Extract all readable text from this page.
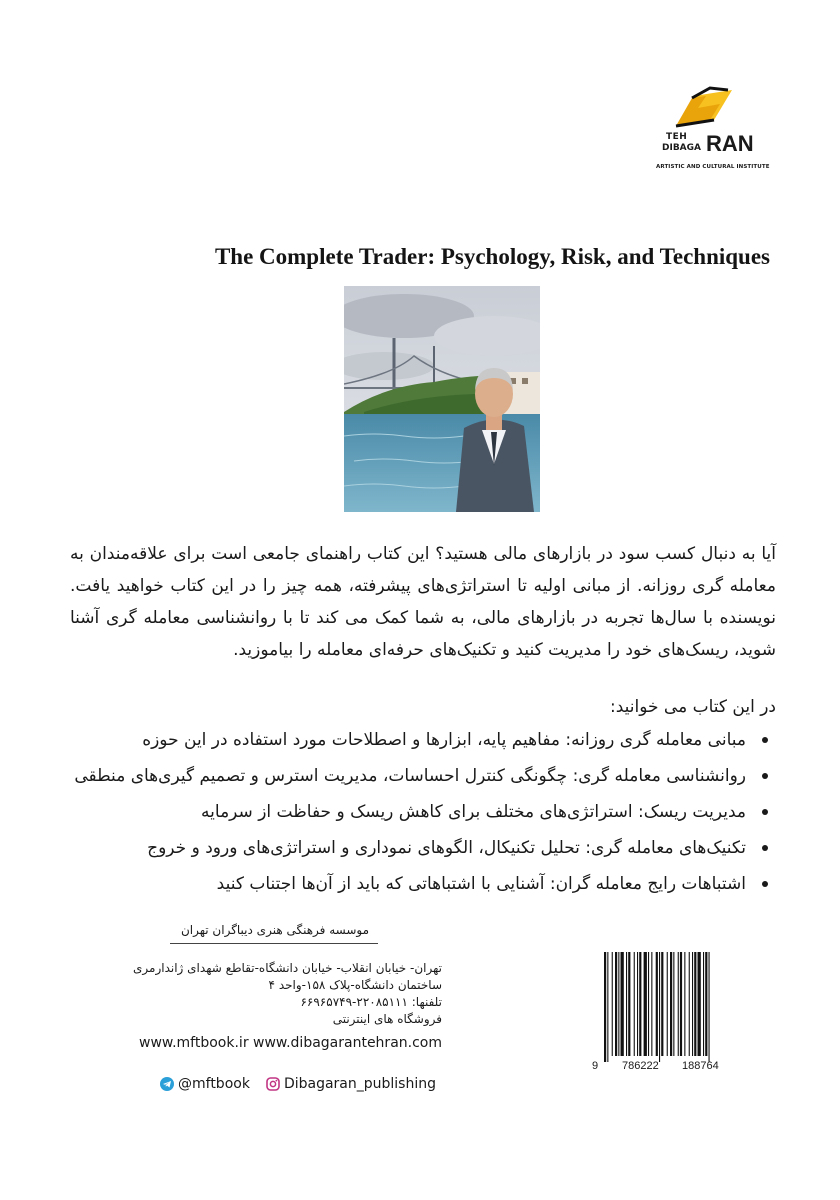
TEH
DIBAGA RAN
ARTISTIC AND CULTURAL INSTITUTE
The Complete Trader: Psychology, Risk, and Techniques

آیا به دنبال کسب سود در بازارهای مالی هستید؟ این کتاب راهنمای جامعی است برای علاقه‌مندان به معامله گری روزانه. از مبانی اولیه تا استراتژی‌های پیشرفته، همه چیز را در این کتاب خواهید یافت. نویسنده با سال‌ها تجربه در بازارهای مالی، به شما کمک می کند تا با روانشناسی معامله گری آشنا شوید، ریسک‌های خود را مدیریت کنید و تکنیک‌های حرفه‌ای معامله را بیاموزید.

در این کتاب می خوانید:
مبانی معامله گری روزانه: مفاهیم پایه، ابزارها و اصطلاحات مورد استفاده در این حوزه
روانشناسی معامله گری: چگونگی کنترل احساسات، مدیریت استرس و تصمیم گیری‌های منطقی
مدیریت ریسک: استراتژی‌های مختلف برای کاهش ریسک و حفاظت از سرمایه
تکنیک‌های معامله گری: تحلیل تکنیکال، الگوهای نموداری و استراتژی‌های ورود و خروج
اشتباهات رایج معامله گران: آشنایی با اشتباهاتی که باید از آن‌ها اجتناب کنید
موسسه فرهنگی هنری دیباگران تهران
تهران- خیابان انقلاب- خیابان دانشگاه-تقاطع شهدای ژاندارمری
ساختمان دانشگاه-پلاک ۱۵۸-واحد ۴
تلفنها: ۲۲۰۸۵۱۱۱-۶۶۹۶۵۷۴۹
فروشگاه های اینترنتی
www.mftbook.ir www.dibagarantehran.com
@mftbook Dibagaran_publishing
9 786222 188764
